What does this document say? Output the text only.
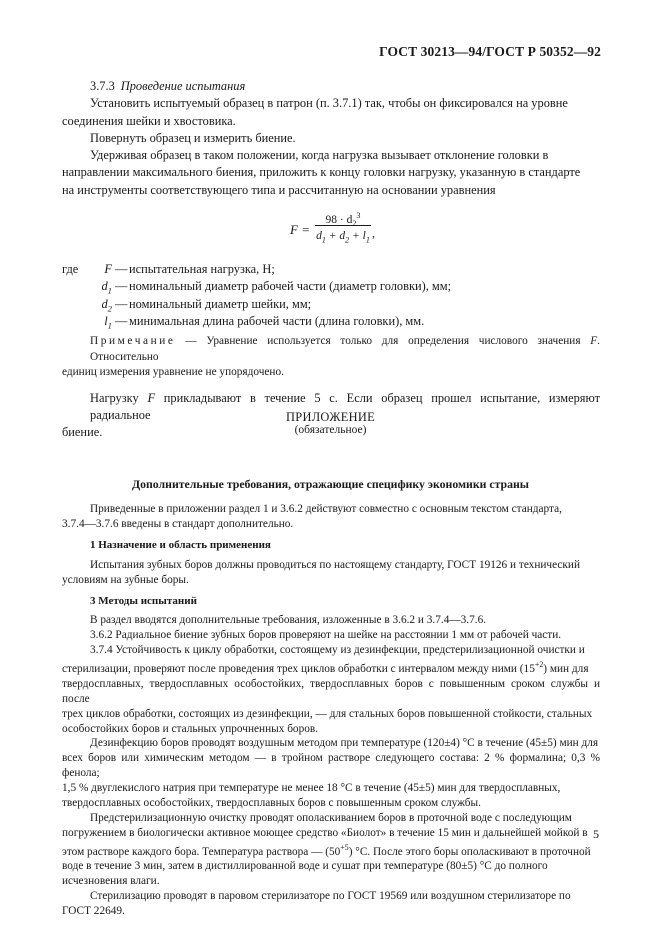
ГОСТ 30213—94/ГОСТ Р 50352—92

3.7.3 Проведение испытания

Установить испытуемый образец в патрон (п. 3.7.1) так, чтобы он фиксировался на уровне

соединения шейки и хвостовика.

Повернуть образец и измерить биение.

Удерживая образец в таком положении, когда нагрузка вызывает отклонение головки в

направлении максимального биения, приложить к концу головки нагрузку, указанную в стандарте

на инструменты соответствующего типа и рассчитанную на основании уравнения

$F = \frac{98 \cdot d_2^3}{d_1 + d_2 + l_1}$ ,
где	F — испытательная нагрузка, Н;
$d_1$ — номинальный диаметр рабочей части (диаметр головки), мм;
$d_2$ — номинальный диаметр шейки, мм;
$l_1$ — минимальная длина рабочей части (длина головки), мм.

Примечание — Уравнение используется только для определения числового значения F. Относительно

единиц измерения уравнение не упорядочено.

Нагрузку F прикладывают в течение 5 с. Если образец прошел испытание, измеряют радиальное

биение.

ПРИЛОЖЕНИЕ
(обязательное)
Дополнительные требования, отражающие специфику экономики страны

Приведенные в приложении раздел 1 и 3.6.2 действуют совместно с основным текстом стандарта,

3.7.4—3.7.6 введены в стандарт дополнительно.

1 Назначение и область применения

Испытания зубных боров должны проводиться по настоящему стандарту, ГОСТ 19126 и технический

условиям на зубные боры.

3 Методы испытаний

В раздел вводятся дополнительные требования, изложенные в 3.6.2 и 3.7.4—3.7.6.

3.6.2 Радиальное биение зубных боров проверяют на шейке на расстоянии 1 мм от рабочей части.

3.7.4 Устойчивость к циклу обработки, состоящему из дезинфекции, предстерилизационной очистки и

стерилизации, проверяют после проведения трех циклов обработки с интервалом между ними $(15^{+2})$ мин для

твердосплавных, твердосплавных особостойких, твердосплавных боров с повышенным сроком службы и после

трех циклов обработки, состоящих из дезинфекции, — для стальных боров повышенной стойкости, стальных

особостойких боров и стальных упрочненных боров.

Дезинфекцию боров проводят воздушным методом при температуре (120±4) °С в течение (45±5) мин для

всех боров или химическим методом — в тройном растворе следующего состава: 2 % формалина; 0,3 % фенола;

1,5 % двуглекислого натрия при температуре не менее 18 °С в течение (45±5) мин для твердосплавных,

твердосплавных особостойких, твердосплавных боров с повышенным сроком службы.

Предстерилизационную очистку проводят ополаскиванием боров в проточной воде с последующим

погружением в биологически активное моющее средство «Биолот» в течение 15 мин и дальнейшей мойкой в

этом растворе каждого бора. Температура раствора — $(50^{+5})$ °С. После этого боры ополаскивают в проточной

воде в течение 3 мин, затем в дистиллированной воде и сушат при температуре (80±5) °С до полного

исчезновения влаги.

Стерилизацию проводят в паровом стерилизаторе по ГОСТ 19569 или воздушном стерилизаторе по

ГОСТ 22649.

5
